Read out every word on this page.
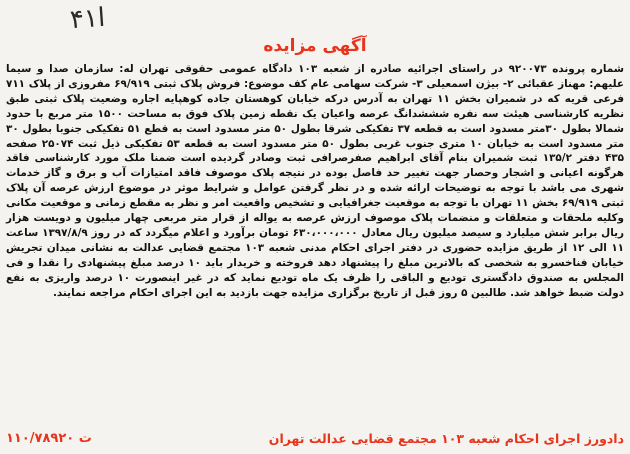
ا۴۱
آگهی مزایده
شماره پرونده ۹۲۰۰۷۳ در راستای اجرائیه صادره از شعبه ۱۰۳ دادگاه عمومی حقوقی تهران له: سازمان صدا و سیما علیهم: مهناز عقبائی ۲- بیژن اسمعیلی ۳- شرکت سهامی عام کف موضوع: فروش پلاک ثبتی ۶۹/۹۱۹ مفروزی از پلاک ۷۱۱ فرعی قریه که در شمیران بخش ۱۱ تهران به آدرس درکه خیابان کوهستان جاده کوهپایه اجاره وضعیت پلاک ثبتی طبق نظریه کارشناسی هیئت سه نفره شششدانگ عرصه واعیان یک نقطه زمین پلاک فوق به مساحت ۱۵۰۰ متر مربع با حدود شمالا بطول ۳۰متر مسدود است به قطعه ۳۷ تفکیکی شرقا بطول ۵۰ متر مسدود است به قطع ۵۱ تفکیکی جنوبا بطول ۳۰ متر مسدود است به خیابان ۱۰ متری جنوب غربی بطول ۵۰ متر مسدود است به قطعه ۵۳ تفکیکی ذیل ثبت ۲۵۰۷۴ صفحه ۴۳۵ دفتر ۱۳۵/۲ ثبت شمیران بنام آقای ابراهیم صفرصرافی ثبت وصادر گردیده است ضمنا ملک مورد کارشناسی فاقد هرگونه اعیانی و اشجار وحصار جهت تغییر حد فاصل بوده در نتیجه پلاک موصوف فاقد امتیازات آب و برق و گاز خدمات شهری می باشد با توجه به توضیحات ارائه شده و در نظر گرفتن عوامل و شرایط موثر در موضوع ارزش عرصه آن پلاک ثبتی ۶۹/۹۱۹ بخش ۱۱ تهران با توجه به موقعیت جغرافیایی و تشخیص واقعیت امر و نظر به مقطع زمانی و موقعیت مکانی وکلیه ملحقات و متعلقات و منضمات پلاک موصوف ارزش عرصه به یواله از قرار متر مربعی چهار میلیون و دویست هزار ریال برابر شش میلیارد و سیصد میلیون ریال معادل ۶۳۰،۰۰۰،۰۰۰ تومان برآورد و اعلام میگردد که در روز ۱۳۹۷/۸/۹ ساعت ۱۱ الی ۱۲ از طریق مزایده حضوری در دفتر اجرای احکام مدنی شعبه ۱۰۳ مجتمع قضایی عدالت به نشانی میدان تجریش خیابان فناخسرو به شخصی که بالاترین مبلغ را پیشنهاد دهد فروخته و خریدار باید ۱۰ درصد مبلغ پیشنهادی را نقدا و فی المجلس به صندوق دادگستری تودیع و الباقی را ظرف یک ماه تودیع نماید که در غیر اینصورت ۱۰ درصد واریزی به نفع دولت ضبط خواهد شد. طالبین ۵ روز قبل از تاریخ برگزاری مزایده جهت بازدید به این اجرای احکام مراجعه نمایند.
دادورز اجرای احکام شعبه ۱۰۳ مجتمع قضایی عدالت تهران
۱۱۰/۷۸۹۲۰ ت
